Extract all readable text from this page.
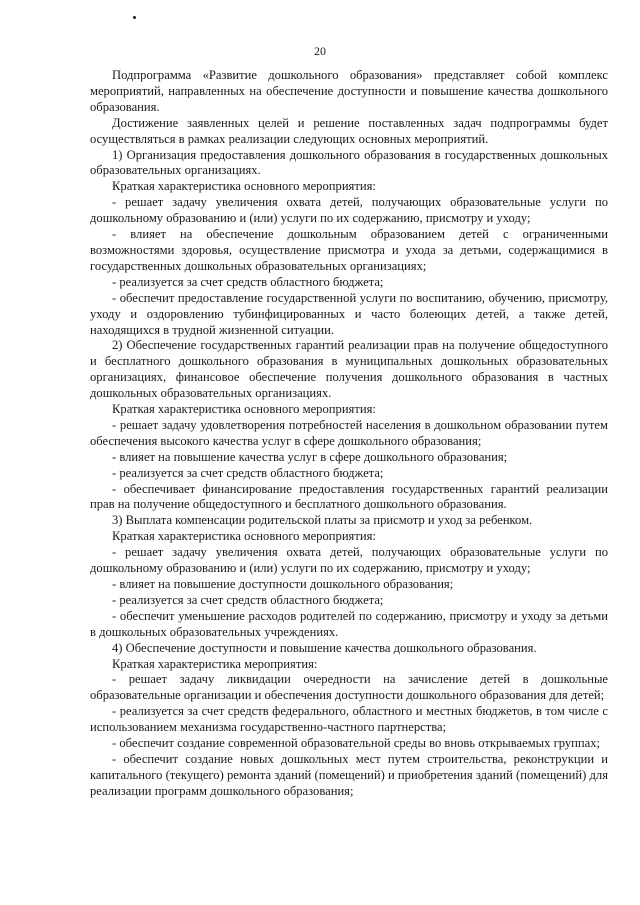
20

Подпрограмма «Развитие дошкольного образования» представляет собой комплекс мероприятий, направленных на обеспечение доступности и повышение качества дошкольного образования.

Достижение заявленных целей и решение поставленных задач подпрограммы будет осуществляться в рамках реализации следующих основных мероприятий.

1) Организация предоставления дошкольного образования в государственных дошкольных образовательных организациях.

Краткая характеристика основного мероприятия:

- решает задачу увеличения охвата детей, получающих образовательные услуги по дошкольному образованию и (или) услуги по их содержанию, присмотру и уходу;

- влияет на обеспечение дошкольным образованием детей с ограниченными возможностями здоровья, осуществление присмотра и ухода за детьми, содержащимися в государственных дошкольных образовательных организациях;

- реализуется за счет средств областного бюджета;

- обеспечит предоставление государственной услуги по воспитанию, обучению, присмотру, уходу и оздоровлению тубинфицированных и часто болеющих детей, а также детей, находящихся в трудной жизненной ситуации.

2) Обеспечение государственных гарантий реализации прав на получение общедоступного и бесплатного дошкольного образования в муниципальных дошкольных образовательных организациях, финансовое обеспечение получения дошкольного образования в частных дошкольных образовательных организациях.

Краткая характеристика основного мероприятия:

- решает задачу удовлетворения потребностей населения в дошкольном образовании путем обеспечения высокого качества услуг в сфере дошкольного образования;

- влияет на повышение качества услуг в сфере дошкольного образования;

- реализуется за счет средств областного бюджета;

- обеспечивает финансирование предоставления государственных гарантий реализации прав на получение общедоступного и бесплатного дошкольного образования.

3) Выплата компенсации родительской платы за присмотр и уход за ребенком.

Краткая характеристика основного мероприятия:

- решает задачу увеличения охвата детей, получающих образовательные услуги по дошкольному образованию и (или) услуги по их содержанию, присмотру и уходу;

- влияет на повышение доступности дошкольного образования;

- реализуется за счет средств областного бюджета;

- обеспечит уменьшение расходов родителей по содержанию, присмотру и уходу за детьми в дошкольных образовательных учреждениях.

4) Обеспечение доступности и повышение качества дошкольного образования.

Краткая характеристика мероприятия:

- решает задачу ликвидации очередности на зачисление детей в дошкольные образовательные организации и обеспечения доступности дошкольного образования для детей;

- реализуется за счет средств федерального, областного и местных бюджетов, в том числе с использованием механизма государственно-частного партнерства;

- обеспечит создание современной образовательной среды во вновь открываемых группах;

- обеспечит создание новых дошкольных мест путем строительства, реконструкции и капитального (текущего) ремонта зданий (помещений) и приобретения зданий (помещений) для реализации программ дошкольного образования;
